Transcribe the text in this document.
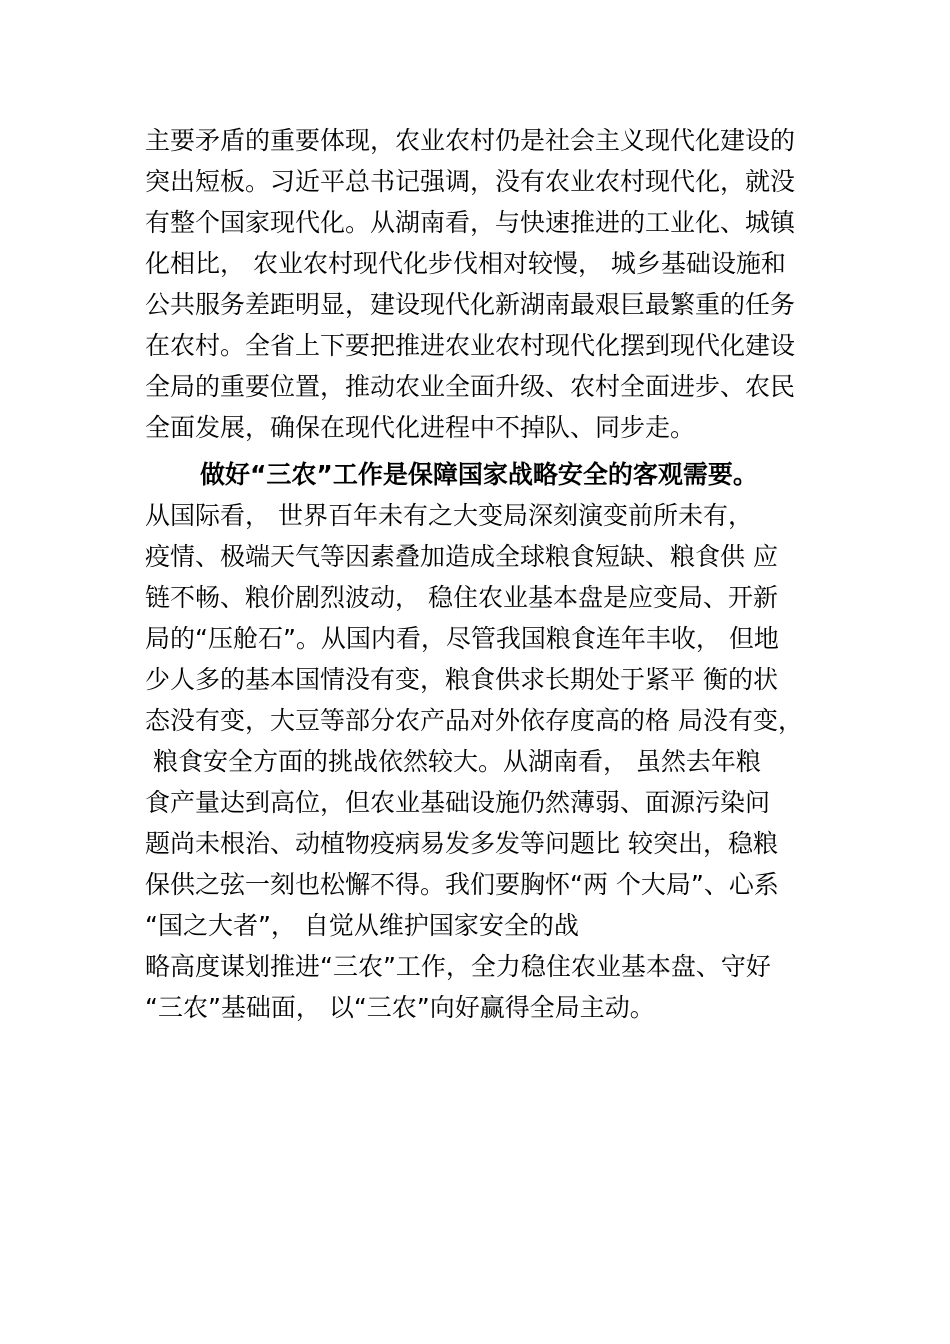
主要矛盾的重要体现，农业农村仍是社会主义现代化建设的
突出短板。习近平总书记强调，没有农业农村现代化，就没
有整个国家现代化。从湖南看，与快速推进的工业化、城镇
化相比， 农业农村现代化步伐相对较慢， 城乡基础设施和
公共服务差距明显，建设现代化新湖南最艰巨最繁重的任务
在农村。全省上下要把推进农业农村现代化摆到现代化建设
全局的重要位置，推动农业全面升级、农村全面进步、农民
全面发展，确保在现代化进程中不掉队、同步走。
做好“三农”工作是保障国家战略安全的客观需要。
从国际看， 世界百年未有之大变局深刻演变前所未有，
疫情、极端天气等因素叠加造成全球粮食短缺、粮食供 应
链不畅、粮价剧烈波动， 稳住农业基本盘是应变局、开新
局的“压舱石”。从国内看，尽管我国粮食连年丰收， 但地
少人多的基本国情没有变，粮食供求长期处于紧平 衡的状
态没有变，大豆等部分农产品对外依存度高的格 局没有变，
粮食安全方面的挑战依然较大。从湖南看， 虽然去年粮
食产量达到高位，但农业基础设施仍然薄弱、面源污染问
题尚未根治、动植物疫病易发多发等问题比 较突出，稳粮
保供之弦一刻也松懈不得。我们要胸怀“两 个大局”、心系
“国之大者”， 自觉从维护国家安全的战
略高度谋划推进“三农”工作，全力稳住农业基本盘、守好
“三农”基础面， 以“三农”向好赢得全局主动。
